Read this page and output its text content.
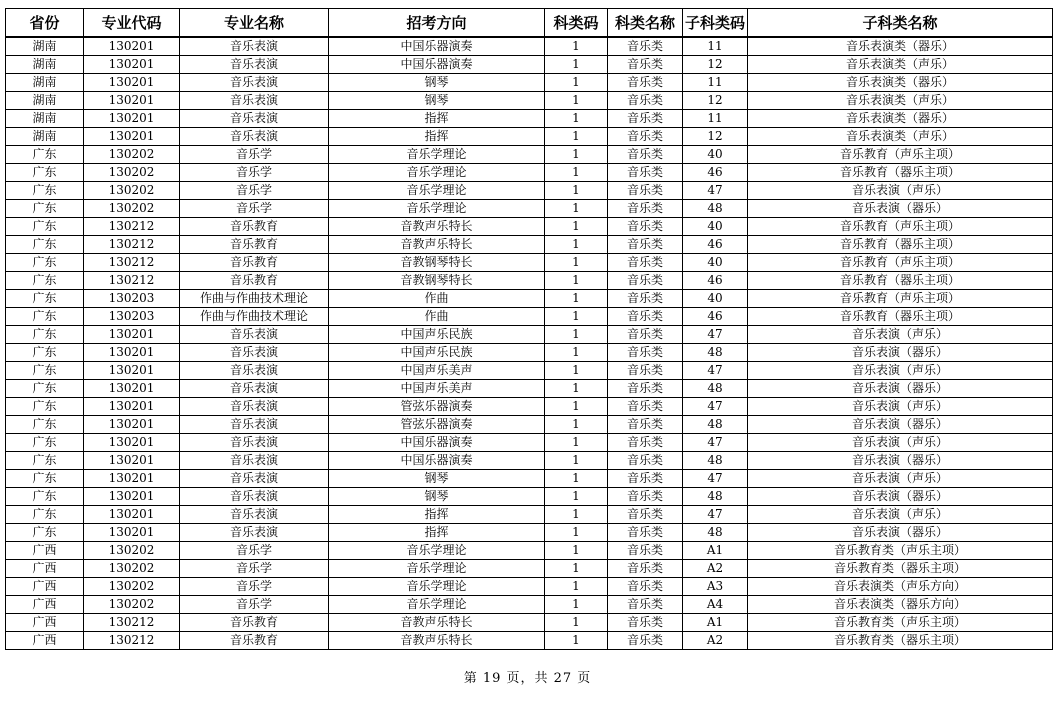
省份	专业代码	专业名称	招考方向	科类码	科类名称	子科类码	子科类名称
湖南	130201	音乐表演	中国乐器演奏	1	音乐类	11	音乐表演类（器乐）
湖南	130201	音乐表演	中国乐器演奏	1	音乐类	12	音乐表演类（声乐）
湖南	130201	音乐表演	钢琴	1	音乐类	11	音乐表演类（器乐）
湖南	130201	音乐表演	钢琴	1	音乐类	12	音乐表演类（声乐）
湖南	130201	音乐表演	指挥	1	音乐类	11	音乐表演类（器乐）
湖南	130201	音乐表演	指挥	1	音乐类	12	音乐表演类（声乐）
广东	130202	音乐学	音乐学理论	1	音乐类	40	音乐教育（声乐主项）
广东	130202	音乐学	音乐学理论	1	音乐类	46	音乐教育（器乐主项）
广东	130202	音乐学	音乐学理论	1	音乐类	47	音乐表演（声乐）
广东	130202	音乐学	音乐学理论	1	音乐类	48	音乐表演（器乐）
广东	130212	音乐教育	音教声乐特长	1	音乐类	40	音乐教育（声乐主项）
广东	130212	音乐教育	音教声乐特长	1	音乐类	46	音乐教育（器乐主项）
广东	130212	音乐教育	音教钢琴特长	1	音乐类	40	音乐教育（声乐主项）
广东	130212	音乐教育	音教钢琴特长	1	音乐类	46	音乐教育（器乐主项）
广东	130203	作曲与作曲技术理论	作曲	1	音乐类	40	音乐教育（声乐主项）
广东	130203	作曲与作曲技术理论	作曲	1	音乐类	46	音乐教育（器乐主项）
广东	130201	音乐表演	中国声乐民族	1	音乐类	47	音乐表演（声乐）
广东	130201	音乐表演	中国声乐民族	1	音乐类	48	音乐表演（器乐）
广东	130201	音乐表演	中国声乐美声	1	音乐类	47	音乐表演（声乐）
广东	130201	音乐表演	中国声乐美声	1	音乐类	48	音乐表演（器乐）
广东	130201	音乐表演	管弦乐器演奏	1	音乐类	47	音乐表演（声乐）
广东	130201	音乐表演	管弦乐器演奏	1	音乐类	48	音乐表演（器乐）
广东	130201	音乐表演	中国乐器演奏	1	音乐类	47	音乐表演（声乐）
广东	130201	音乐表演	中国乐器演奏	1	音乐类	48	音乐表演（器乐）
广东	130201	音乐表演	钢琴	1	音乐类	47	音乐表演（声乐）
广东	130201	音乐表演	钢琴	1	音乐类	48	音乐表演（器乐）
广东	130201	音乐表演	指挥	1	音乐类	47	音乐表演（声乐）
广东	130201	音乐表演	指挥	1	音乐类	48	音乐表演（器乐）
广西	130202	音乐学	音乐学理论	1	音乐类	A1	音乐教育类（声乐主项）
广西	130202	音乐学	音乐学理论	1	音乐类	A2	音乐教育类（器乐主项）
广西	130202	音乐学	音乐学理论	1	音乐类	A3	音乐表演类（声乐方向）
广西	130202	音乐学	音乐学理论	1	音乐类	A4	音乐表演类（器乐方向）
广西	130212	音乐教育	音教声乐特长	1	音乐类	A1	音乐教育类（声乐主项）
广西	130212	音乐教育	音教声乐特长	1	音乐类	A2	音乐教育类（器乐主项）
第 19 页，共 27 页
